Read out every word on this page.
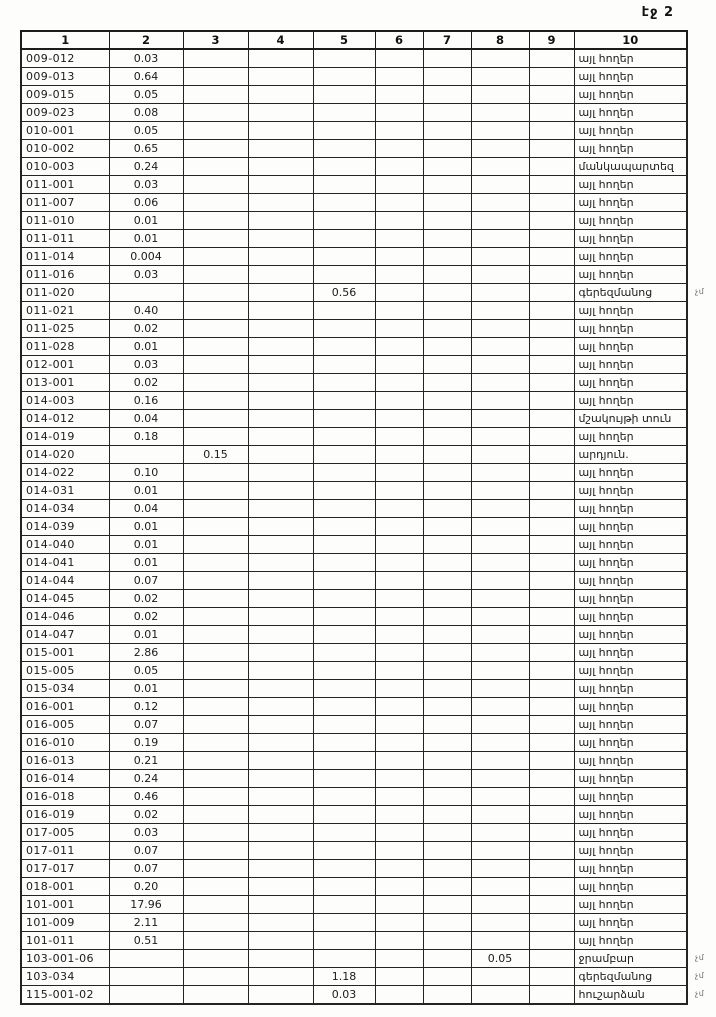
էջ 2
1	2	3	4	5	6	7	8	9	10
009-012	0.03								այլ հողեր
009-013	0.64								այլ հողեր
009-015	0.05								այլ հողեր
009-023	0.08								այլ հողեր
010-001	0.05								այլ հողեր
010-002	0.65								այլ հողեր
010-003	0.24								մանկապարտեզ
011-001	0.03								այլ հողեր
011-007	0.06								այլ հողեր
011-010	0.01								այլ հողեր
011-011	0.01								այլ հողեր
011-014	0.004								այլ հողեր
011-016	0.03								այլ հողեր
011-020				0.56					գերեզմանոց չմ

011-021	0.40								այլ հողեր
011-025	0.02								այլ հողեր
011-028	0.01								այլ հողեր
012-001	0.03								այլ հողեր
013-001	0.02								այլ հողեր
014-003	0.16								այլ հողեր
014-012	0.04								մշակույթի տուն
014-019	0.18								այլ հողեր
014-020		0.15							արդյուն.
014-022	0.10								այլ հողեր
014-031	0.01								այլ հողեր
014-034	0.04								այլ հողեր
014-039	0.01								այլ հողեր
014-040	0.01								այլ հողեր
014-041	0.01								այլ հողեր
014-044	0.07								այլ հողեր
014-045	0.02								այլ հողեր
014-046	0.02								այլ հողեր
014-047	0.01								այլ հողեր
015-001	2.86								այլ հողեր
015-005	0.05								այլ հողեր
015-034	0.01								այլ հողեր
016-001	0.12								այլ հողեր
016-005	0.07								այլ հողեր
016-010	0.19								այլ հողեր
016-013	0.21								այլ հողեր
016-014	0.24								այլ հողեր
016-018	0.46								այլ հողեր
016-019	0.02								այլ հողեր
017-005	0.03								այլ հողեր
017-011	0.07								այլ հողեր
017-017	0.07								այլ հողեր
018-001	0.20								այլ հողեր
101-001	17.96								այլ հողեր
101-009	2.11								այլ հողեր
101-011	0.51								այլ հողեր
103-001-06							0.05		ջրամբար չմ

103-034				1.18					գերեզմանոց չմ

115-001-02				0.03					հուշարձան չմ
